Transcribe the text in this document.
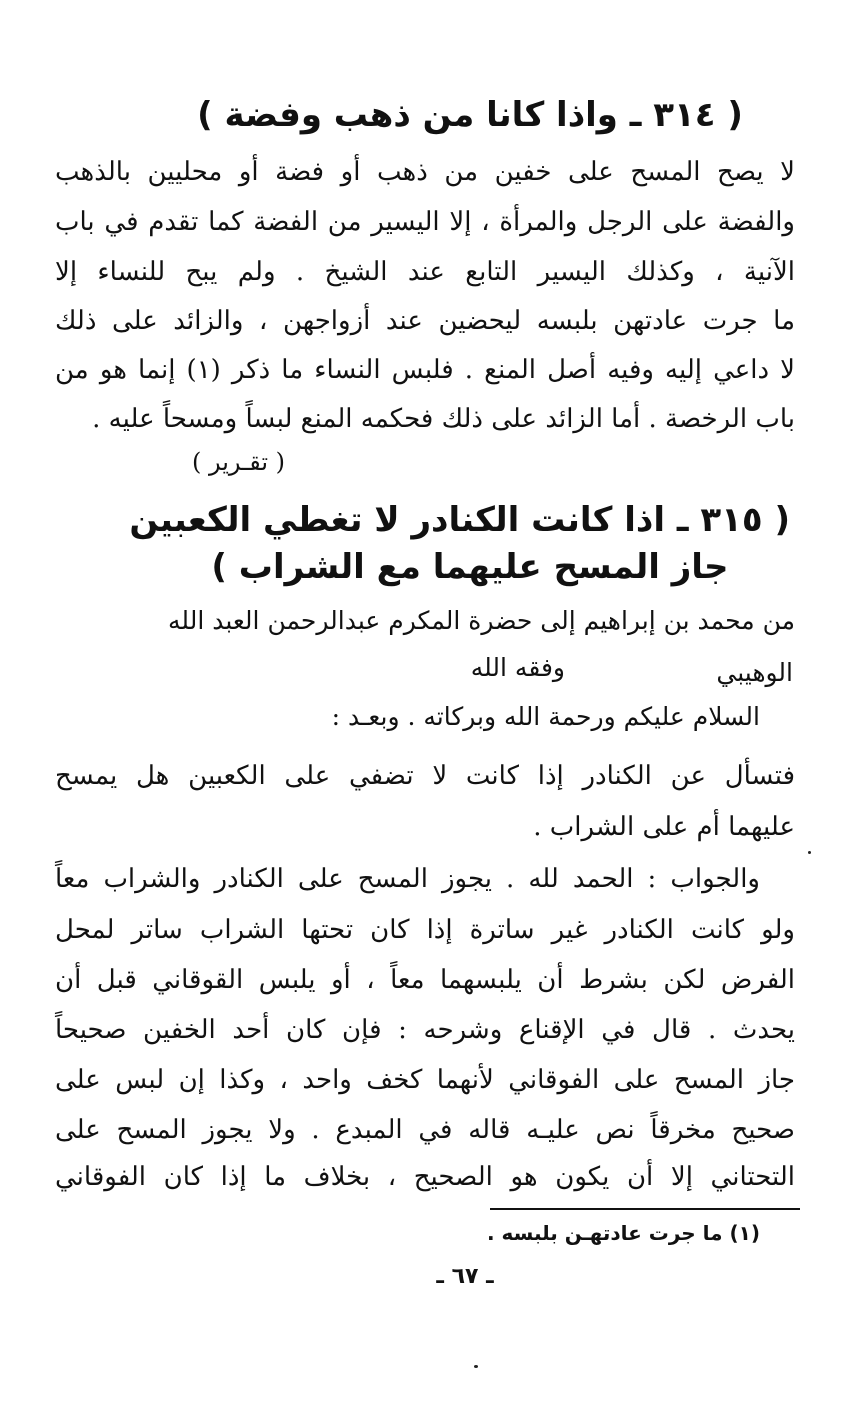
( ٣١٤ ـ واذا كانا من ذهب وفضة )
لا يصح المسح على خفين من ذهب أو فضة أو محليين بالذهب
والفضة على الرجل والمرأة ، إلا اليسير من الفضة كما تقدم في باب
الآنية ، وكذلك اليسير التابع عند الشيخ . ولم يبح للنساء إلا
ما جرت عادتهن بلبسه ليحضين عند أزواجهن ، والزائد على ذلك
لا داعي إليه وفيه أصل المنع . فلبس النساء ما ذكر (١) إنما هو من
باب الرخصة . أما الزائد على ذلك فحكمه المنع لبساً ومسحاً عليه .
( تقـرير )
( ٣١٥ ـ اذا كانت الكنادر لا تغطي الكعبين
جاز المسح عليهما مع الشراب )
من محمد بن إبراهيم إلى حضرة المكرم عبدالرحمن العبد الله
الوهيبي
وفقه الله
السلام عليكم ورحمة الله وبركاته . وبعـد :
فتسأل عن الكنادر إذا كانت لا تضفي على الكعبين هل يمسح
عليهما أم على الشراب .
والجواب : الحمد لله . يجوز المسح على الكنادر والشراب معاً
ولو كانت الكنادر غير ساترة إذا كان تحتها الشراب ساتر لمحل
الفرض لكن بشرط أن يلبسهما معاً ، أو يلبس القوقاني قبل أن
يحدث . قال في الإقناع وشرحه : فإن كان أحد الخفين صحيحاً
جاز المسح على الفوقاني لأنهما كخف واحد ، وكذا إن لبس على
صحيح مخرقاً نص عليـه قاله في المبدع . ولا يجوز المسح على
التحتاني إلا أن يكون هو الصحيح ، بخلاف ما إذا كان الفوقاني
(١) ما جرت عادتهـن بلبسه .
ـ ٦٧ ـ
